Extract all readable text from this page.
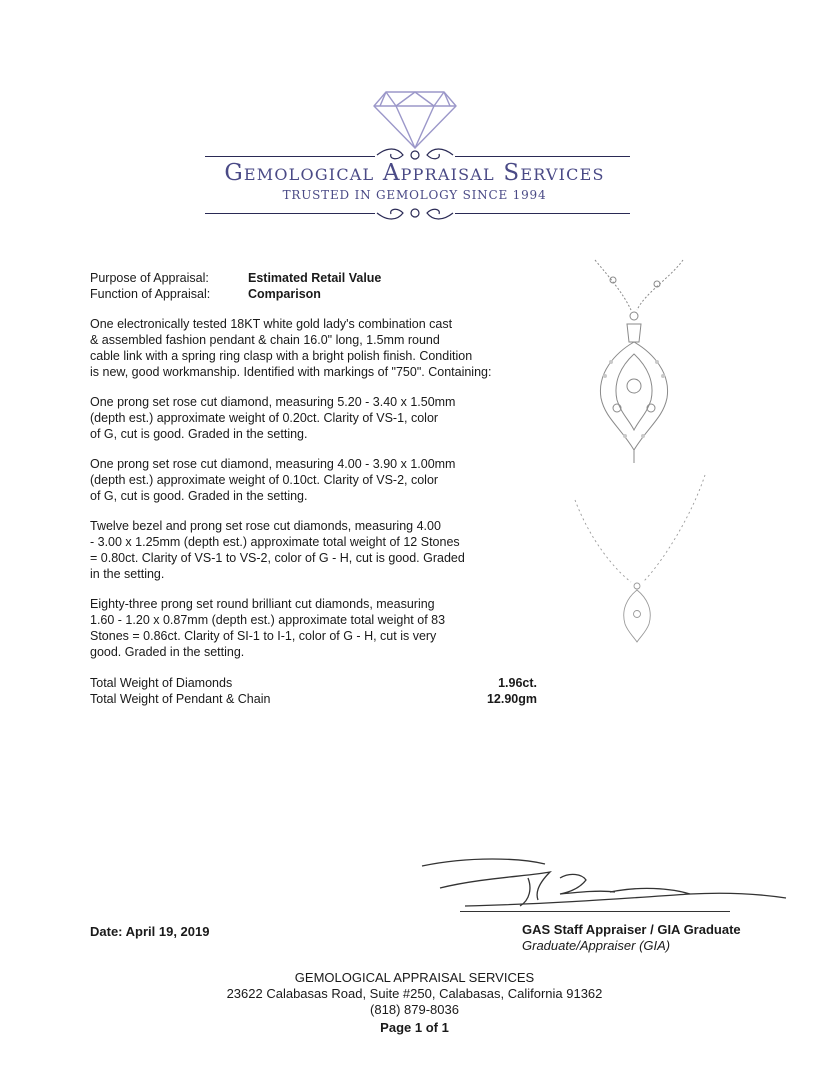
Gemological Appraisal Services
TRUSTED IN GEMOLOGY SINCE 1994
Purpose of Appraisal:	Estimated Retail Value
Function of Appraisal:	Comparison
One electronically tested 18KT white gold lady's combination cast
& assembled fashion pendant & chain 16.0" long, 1.5mm round
cable link with a spring ring clasp with a bright polish finish. Condition
is new, good workmanship. Identified with markings of "750". Containing:
One prong set rose cut diamond, measuring 5.20 - 3.40 x 1.50mm
(depth est.) approximate weight of 0.20ct. Clarity of VS-1, color
of G, cut is good. Graded in the setting.
One prong set rose cut diamond, measuring 4.00 - 3.90 x 1.00mm
(depth est.) approximate weight of 0.10ct. Clarity of VS-2, color
of G, cut is good. Graded in the setting.
Twelve bezel and prong set rose cut diamonds, measuring 4.00
- 3.00 x 1.25mm (depth est.) approximate total weight of 12 Stones
= 0.80ct. Clarity of VS-1 to VS-2, color of G - H, cut is good. Graded
in the setting.
Eighty-three prong set round brilliant cut diamonds, measuring
1.60 - 1.20 x 0.87mm (depth est.) approximate total weight of 83
Stones = 0.86ct. Clarity of SI-1 to I-1, color of G - H, cut is very
good. Graded in the setting.
Total Weight of Diamonds	1.96ct.
Total Weight of Pendant & Chain	12.90gm
Date: April 19, 2019	GAS Staff Appraiser / GIA Graduate
Graduate/Appraiser (GIA)
GEMOLOGICAL APPRAISAL SERVICES
23622 Calabasas Road, Suite #250, Calabasas, California 91362
(818) 879-8036
Page 1 of 1
